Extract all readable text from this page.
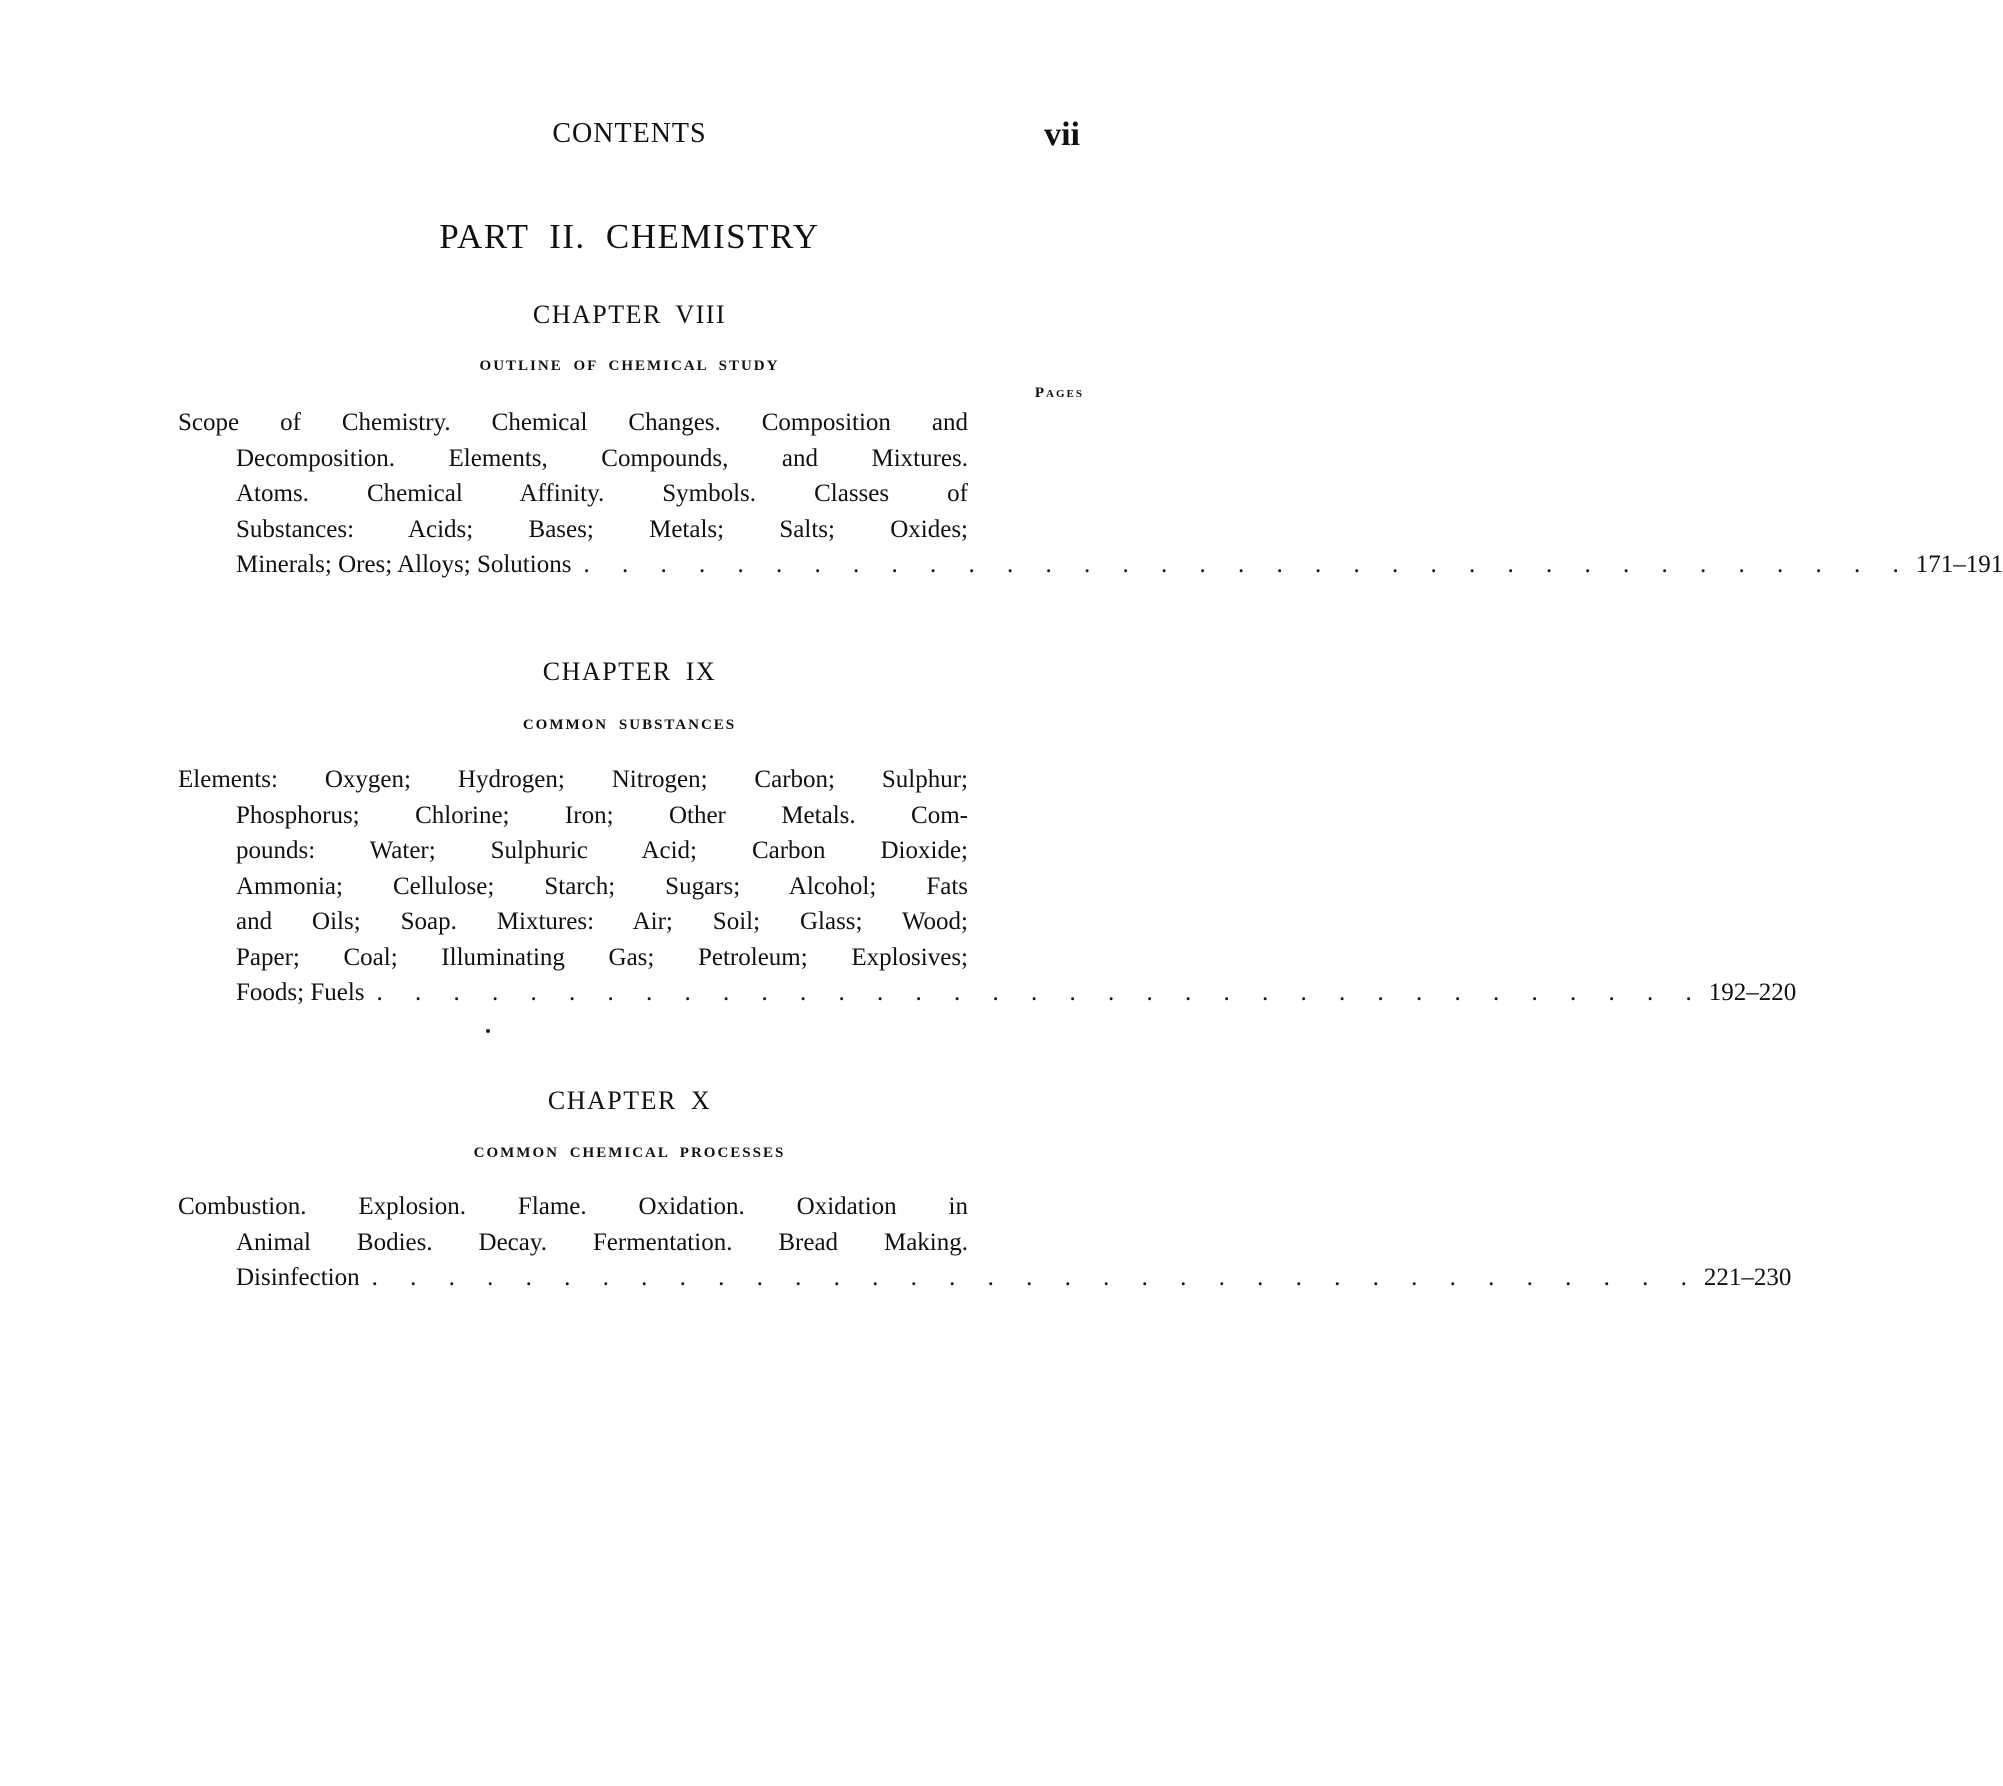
CONTENTS	vii
PART II. CHEMISTRY
CHAPTER VIII
OUTLINE OF CHEMICAL STUDY
Pages
Scope of Chemistry. Chemical Changes. Composition and
Decomposition. Elements, Compounds, and Mixtures.
Atoms. Chemical Affinity. Symbols. Classes of
Substances: Acids; Bases; Metals; Salts; Oxides;
Minerals; Ores; Alloys; Solutions . . . . . . . . . . . . . . . . . . . . . . . . . . . . . . . . . . . 171–191
CHAPTER IX
COMMON SUBSTANCES
Elements: Oxygen; Hydrogen; Nitrogen; Carbon; Sulphur;
Phosphorus; Chlorine; Iron; Other Metals. Com-
pounds: Water; Sulphuric Acid; Carbon Dioxide;
Ammonia; Cellulose; Starch; Sugars; Alcohol; Fats
and Oils; Soap. Mixtures: Air; Soil; Glass; Wood;
Paper; Coal; Illuminating Gas; Petroleum; Explosives;
Foods; Fuels . . . . . . . . . . . . . . . . . . . . . . . . . . . . . . . . . . . 192–220
CHAPTER X
COMMON CHEMICAL PROCESSES
Combustion. Explosion. Flame. Oxidation. Oxidation in
Animal Bodies. Decay. Fermentation. Bread Making.
Disinfection . . . . . . . . . . . . . . . . . . . . . . . . . . . . . . . . . . . 221–230
